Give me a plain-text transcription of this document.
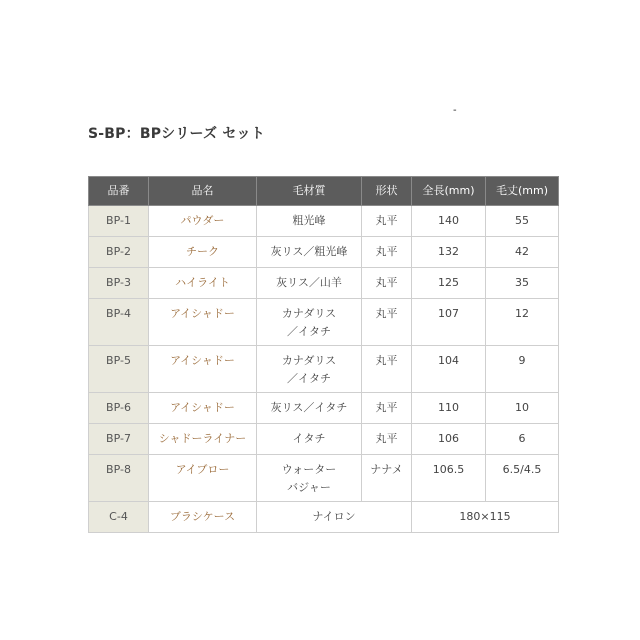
-
S-BP：BPシリーズ セット
品番	品名	毛材質	形状	全長(mm)	毛丈(mm)
BP-1	パウダー	粗光峰	丸平	140	55
BP-2	チーク	灰リス／粗光峰	丸平	132	42
BP-3	ハイライト	灰リス／山羊	丸平	125	35
BP-4	アイシャドー	カナダリス
／イタチ	丸平	107	12
BP-5	アイシャドー	カナダリス
／イタチ	丸平	104	9
BP-6	アイシャドー	灰リス／イタチ	丸平	110	10
BP-7	シャドーライナー	イタチ	丸平	106	6
BP-8	アイブロー	ウォーター
バジャー	ナナメ	106.5	6.5/4.5
C-4	ブラシケース	ナイロン		180×115	
